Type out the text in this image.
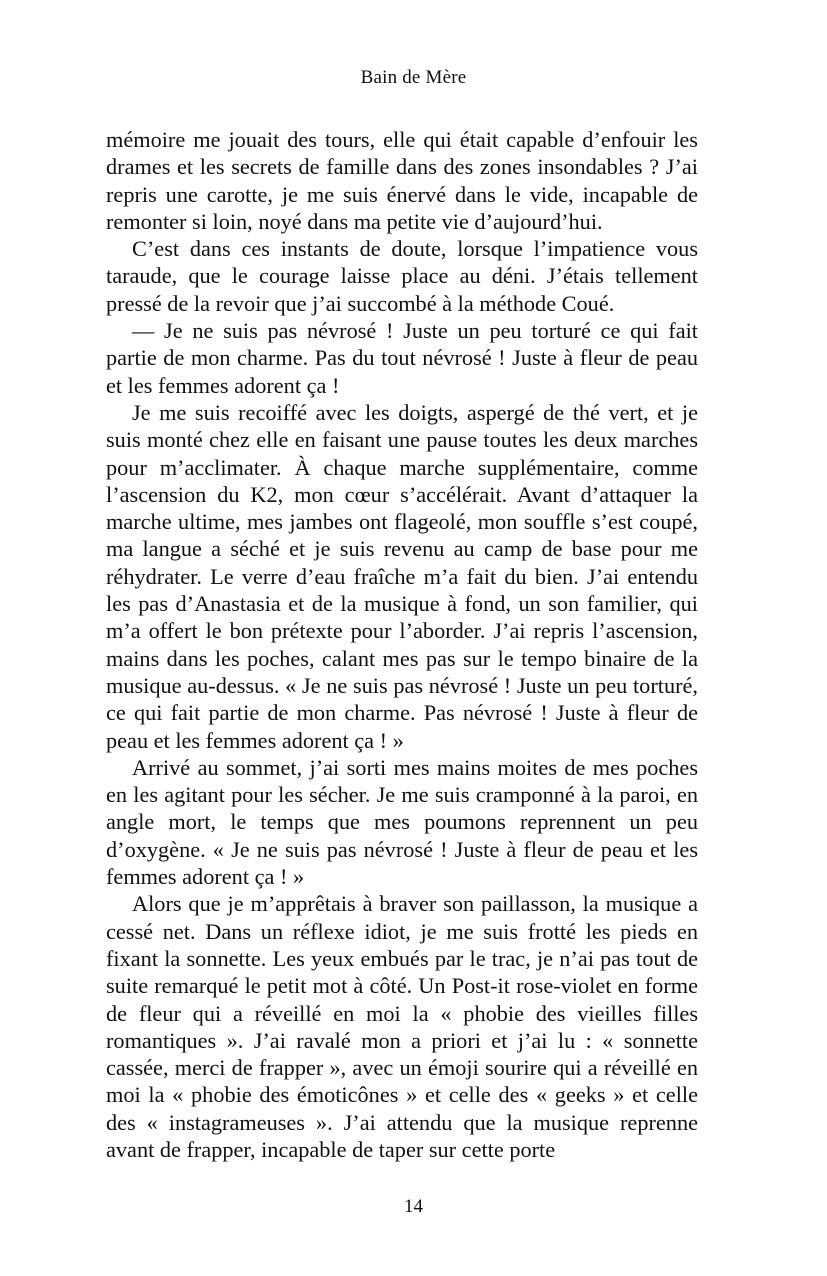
Bain de Mère

mémoire me jouait des tours, elle qui était capable d’enfouir les drames et les secrets de famille dans des zones insondables ? J’ai repris une carotte, je me suis énervé dans le vide, incapable de remonter si loin, noyé dans ma petite vie d’aujourd’hui.

C’est dans ces instants de doute, lorsque l’impatience vous taraude, que le courage laisse place au déni. J’étais tellement pressé de la revoir que j’ai succombé à la méthode Coué.

— Je ne suis pas névrosé ! Juste un peu torturé ce qui fait partie de mon charme. Pas du tout névrosé ! Juste à fleur de peau et les femmes adorent ça !

Je me suis recoiffé avec les doigts, aspergé de thé vert, et je suis monté chez elle en faisant une pause toutes les deux marches pour m’acclimater. À chaque marche supplémentaire, comme l’ascension du K2, mon cœur s’accélérait. Avant d’attaquer la marche ultime, mes jambes ont flageolé, mon souffle s’est coupé, ma langue a séché et je suis revenu au camp de base pour me réhydrater. Le verre d’eau fraîche m’a fait du bien. J’ai entendu les pas d’Anastasia et de la musique à fond, un son familier, qui m’a offert le bon prétexte pour l’aborder. J’ai repris l’ascension, mains dans les poches, calant mes pas sur le tempo binaire de la musique au-dessus. « Je ne suis pas névrosé ! Juste un peu torturé, ce qui fait partie de mon charme. Pas névrosé ! Juste à fleur de peau et les femmes adorent ça ! »

Arrivé au sommet, j’ai sorti mes mains moites de mes poches en les agitant pour les sécher. Je me suis cramponné à la paroi, en angle mort, le temps que mes poumons reprennent un peu d’oxygène. « Je ne suis pas névrosé ! Juste à fleur de peau et les femmes adorent ça ! »

Alors que je m’apprêtais à braver son paillasson, la musique a cessé net. Dans un réflexe idiot, je me suis frotté les pieds en fixant la sonnette. Les yeux embués par le trac, je n’ai pas tout de suite remarqué le petit mot à côté. Un Post-it rose-violet en forme de fleur qui a réveillé en moi la « phobie des vieilles filles romantiques ». J’ai ravalé mon a priori et j’ai lu : « sonnette cassée, merci de frapper », avec un émoji sourire qui a réveillé en moi la « phobie des émoticônes » et celle des « geeks » et celle des « instagrameuses ». J’ai attendu que la musique reprenne avant de frapper, incapable de taper sur cette porte

14
